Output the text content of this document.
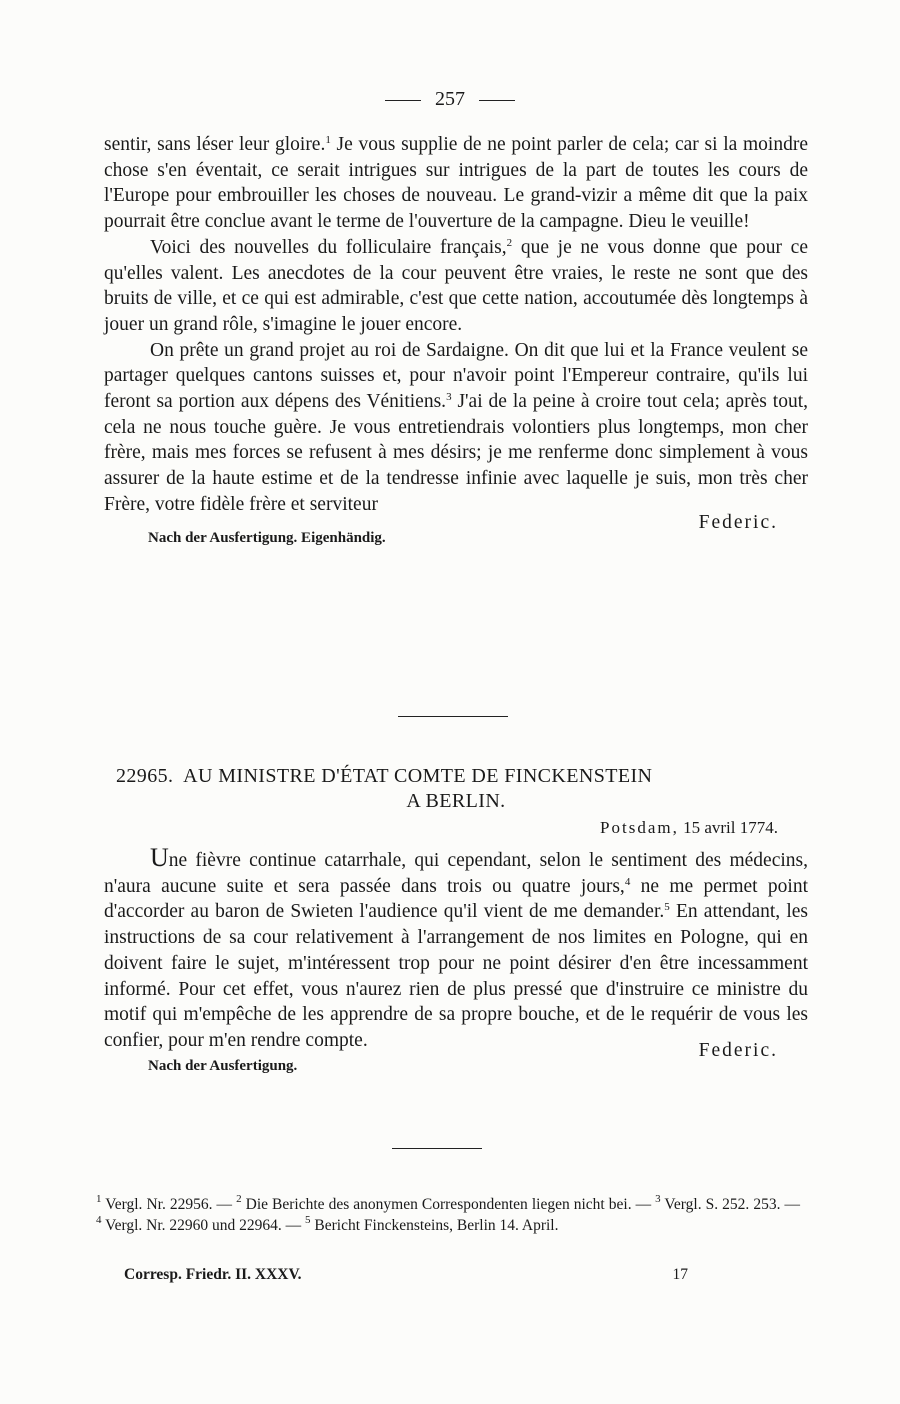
257

sentir, sans léser leur gloire.$^1$ Je vous supplie de ne point parler de cela; car si la moindre chose s'en éventait, ce serait intrigues sur intrigues de la part de toutes les cours de l'Europe pour embrouiller les choses de nouveau. Le grand-vizir a même dit que la paix pourrait être conclue avant le terme de l'ouverture de la campagne. Dieu le veuille!

Voici des nouvelles du folliculaire français,$^2$ que je ne vous donne que pour ce qu'elles valent. Les anecdotes de la cour peuvent être vraies, le reste ne sont que des bruits de ville, et ce qui est admirable, c'est que cette nation, accoutumée dès longtemps à jouer un grand rôle, s'imagine le jouer encore.

On prête un grand projet au roi de Sardaigne. On dit que lui et la France veulent se partager quelques cantons suisses et, pour n'avoir point l'Empereur contraire, qu'ils lui feront sa portion aux dépens des Vénitiens.$^3$ J'ai de la peine à croire tout cela; après tout, cela ne nous touche guère. Je vous entretiendrais volontiers plus longtemps, mon cher frère, mais mes forces se refusent à mes désirs; je me renferme donc simplement à vous assurer de la haute estime et de la tendresse infinie avec laquelle je suis, mon très cher Frère, votre fidèle frère et serviteur

Nach der Ausfertigung. Eigenhändig.
Federic.
22965. AU MINISTRE D'ÉTAT COMTE DE FINCKENSTEIN
A BERLIN.
Potsdam, 15 avril 1774.

Une fièvre continue catarrhale, qui cependant, selon le sentiment des médecins, n'aura aucune suite et sera passée dans trois ou quatre jours,$^4$ ne me permet point d'accorder au baron de Swieten l'audience qu'il vient de me demander.$^5$ En attendant, les instructions de sa cour relativement à l'arrangement de nos limites en Pologne, qui en doivent faire le sujet, m'intéressent trop pour ne point désirer d'en être incessamment informé. Pour cet effet, vous n'aurez rien de plus pressé que d'instruire ce ministre du motif qui m'empêche de les apprendre de sa propre bouche, et de le requérir de vous les confier, pour m'en rendre compte.

Nach der Ausfertigung.
Federic.
$^1$ Vergl. Nr. 22956. — $^2$ Die Berichte des anonymen Correspondenten liegen nicht bei. — $^3$ Vergl. S. 252. 253. — $^4$ Vergl. Nr. 22960 und 22964. — $^5$ Bericht Finckensteins, Berlin 14. April.
Corresp. Friedr. II. XXXV.	17
